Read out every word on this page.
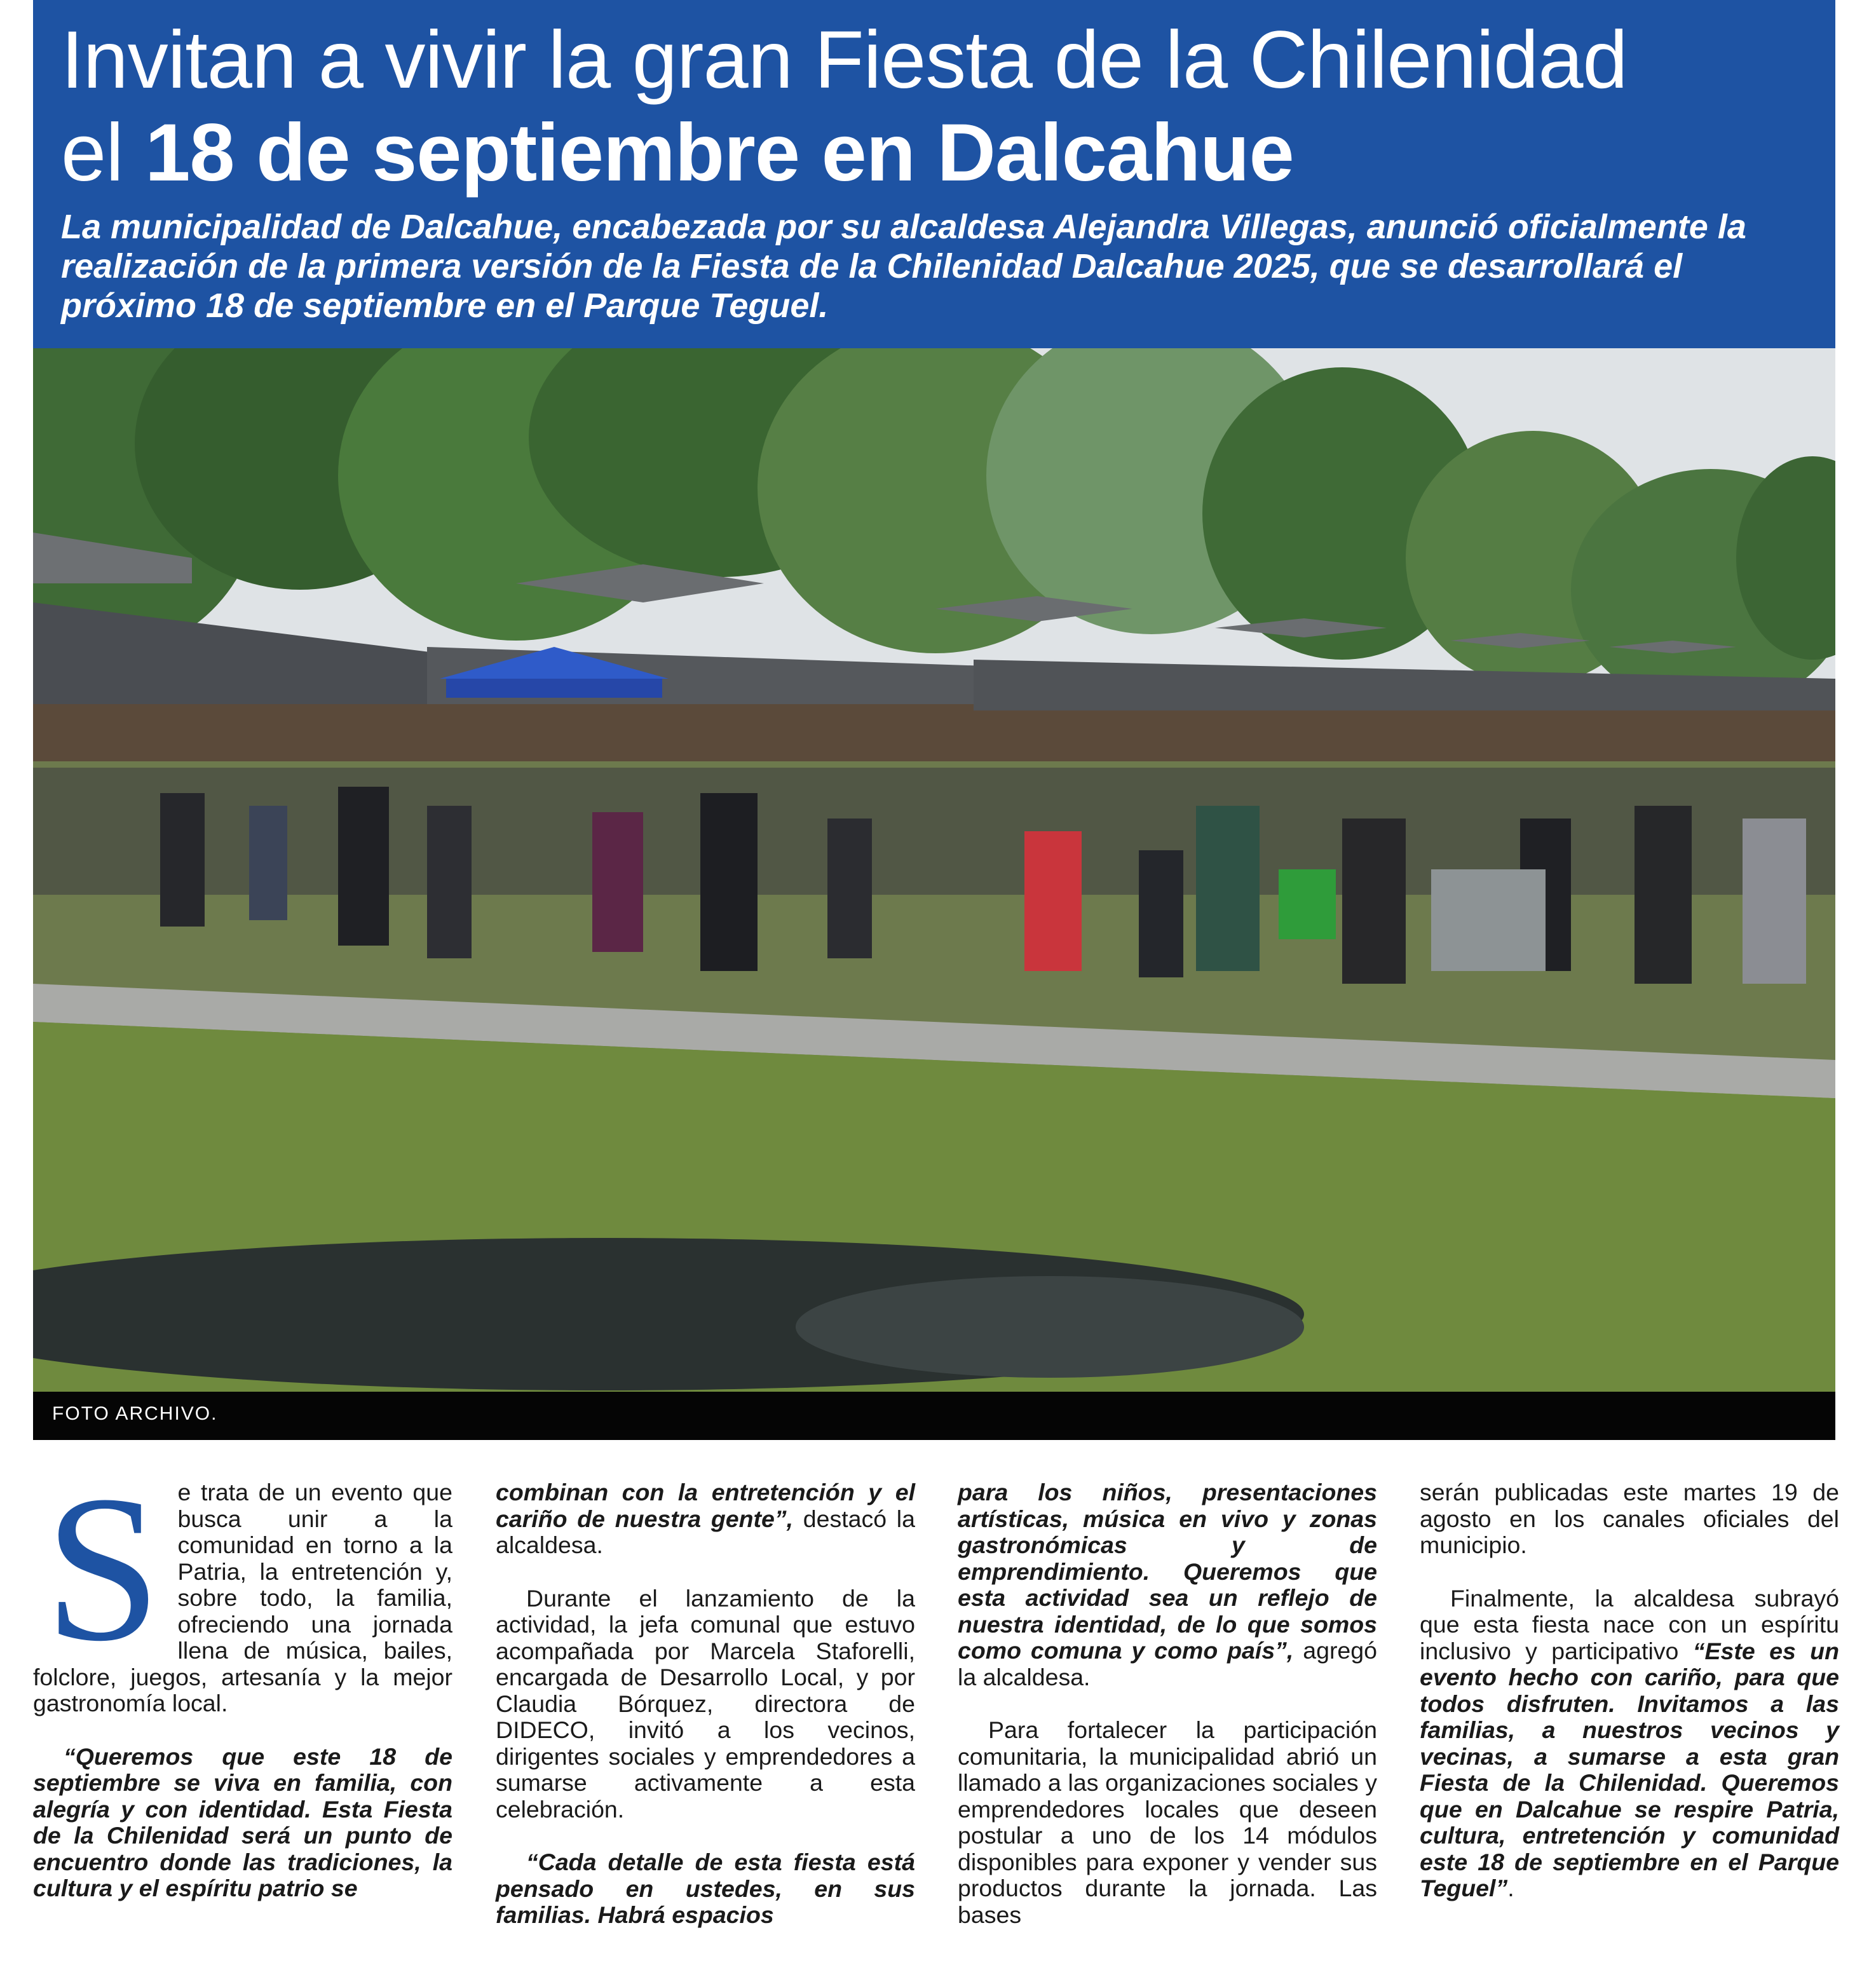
Invitan a vivir la gran Fiesta de la Chilenidad
el 18 de septiembre en Dalcahue
La municipalidad de Dalcahue, encabezada por su alcaldesa Alejandra Villegas, anunció oficialmente la realización de la primera versión de la Fiesta de la Chilenidad Dalcahue 2025, que se desarrollará el próximo 18 de septiembre en el Parque Teguel.
FOTO ARCHIVO.

Se trata de un evento que busca unir a la comunidad en torno a la Patria, la entretención y, sobre todo, la familia, ofreciendo una jornada llena de música, bailes, folclore, juegos, artesanía y la mejor gastronomía local.

“Queremos que este 18 de septiembre se viva en familia, con alegría y con identidad. Esta Fiesta de la Chilenidad será un punto de encuentro donde las tradiciones, la cultura y el espíritu patrio se

combinan con la entretención y el cariño de nuestra gente”, destacó la alcaldesa.

Durante el lanzamiento de la actividad, la jefa comunal que estuvo acompañada por Marcela Staforelli, encargada de Desarrollo Local, y por Claudia Bórquez, directora de DIDECO, invitó a los vecinos, dirigentes sociales y emprendedores a sumarse activamente a esta celebración.

“Cada detalle de esta fiesta está pensado en ustedes, en sus familias. Habrá espacios

para los niños, presentaciones artísticas, música en vivo y zonas gastronómicas y de emprendimiento. Queremos que esta actividad sea un reflejo de nuestra identidad, de lo que somos como comuna y como país”, agregó la alcaldesa.

Para fortalecer la participación comunitaria, la municipalidad abrió un llamado a las organizaciones sociales y emprendedores locales que deseen postular a uno de los 14 módulos disponibles para exponer y vender sus productos durante la jornada. Las bases

serán publicadas este martes 19 de agosto en los canales oficiales del municipio.

Finalmente, la alcaldesa subrayó que esta fiesta nace con un espíritu inclusivo y participativo “Este es un evento hecho con cariño, para que todos disfruten. Invitamos a las familias, a nuestros vecinos y vecinas, a sumarse a esta gran Fiesta de la Chilenidad. Queremos que en Dalcahue se respire Patria, cultura, entretención y comunidad este 18 de septiembre en el Parque Teguel”.
